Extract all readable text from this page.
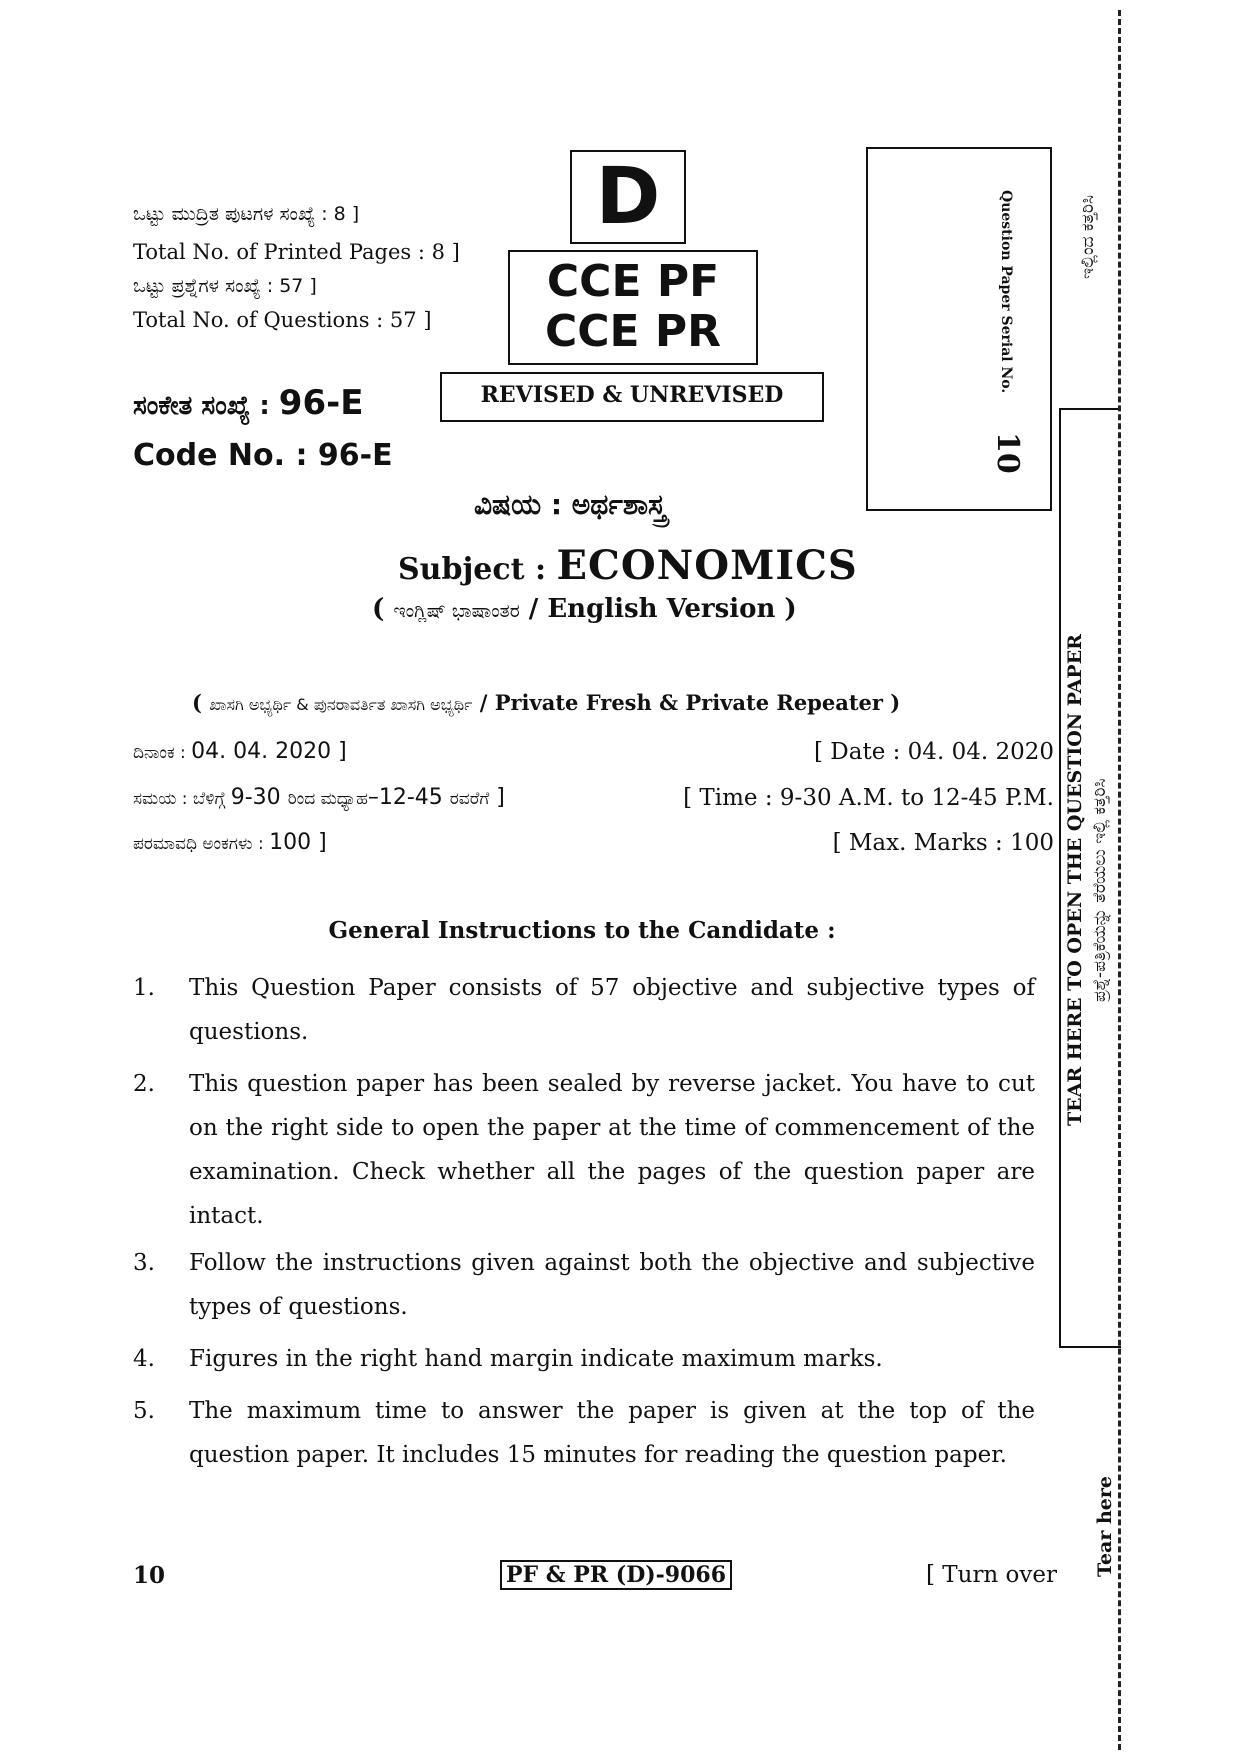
ಒಟ್ಟು ಮುದ್ರಿತ ಪುಟಗಳ ಸಂಖ್ಯೆ : 8 ]
Total No. of Printed Pages : 8 ]
ಒಟ್ಟು ಪ್ರಶ್ನೆಗಳ ಸಂಖ್ಯೆ : 57 ]
Total No. of Questions : 57 ]
D
CCE PF
CCE PR
REVISED & UNREVISED
Question Paper Serial No.
10
ಸಂಕೇತ ಸಂಖ್ಯೆ : 96-E
Code No. : 96-E
ವಿಷಯ : ಅರ್ಥಶಾಸ್ತ್ರ
Subject : ECONOMICS
( ಇಂಗ್ಲಿಷ್ ಭಾಷಾಂತರ / English Version )
( ಖಾಸಗಿ ಅಭ್ಯರ್ಥಿ & ಪುನರಾವರ್ತಿತ ಖಾಸಗಿ ಅಭ್ಯರ್ಥಿ / Private Fresh & Private Repeater )
ದಿನಾಂಕ : 04. 04. 2020 ]	[ Date : 04. 04. 2020
ಸಮಯ : ಬೆಳಿಗ್ಗೆ 9-30 ರಿಂದ ಮಧ್ಯಾಹ–12-45 ರವರೆಗೆ ]	[ Time : 9-30 A.M. to 12-45 P.M.
ಪರಮಾವಧಿ ಅಂಕಗಳು : 100 ]	[ Max. Marks : 100
General Instructions to the Candidate :
1. This Question Paper consists of 57 objective and subjective types of questions.
2. This question paper has been sealed by reverse jacket. You have to cut on the right side to open the paper at the time of commencement of the examination. Check whether all the pages of the question paper are intact.
3. Follow the instructions given against both the objective and subjective types of questions.
4. Figures in the right hand margin indicate maximum marks.
5. The maximum time to answer the paper is given at the top of the question paper. It includes 15 minutes for reading the question paper.
ಇಲ್ಲಿಂದ ಕತ್ತರಿಸಿ
TEAR HERE TO OPEN THE QUESTION PAPER ಪ್ರಶ್ನೆ-ಪತ್ರಿಕೆಯನ್ನು ತೆರೆಯಲು ಇಲ್ಲಿ ಕತ್ತರಿಸಿ
Tear here
10	PF & PR (D)-9066	[ Turn over
